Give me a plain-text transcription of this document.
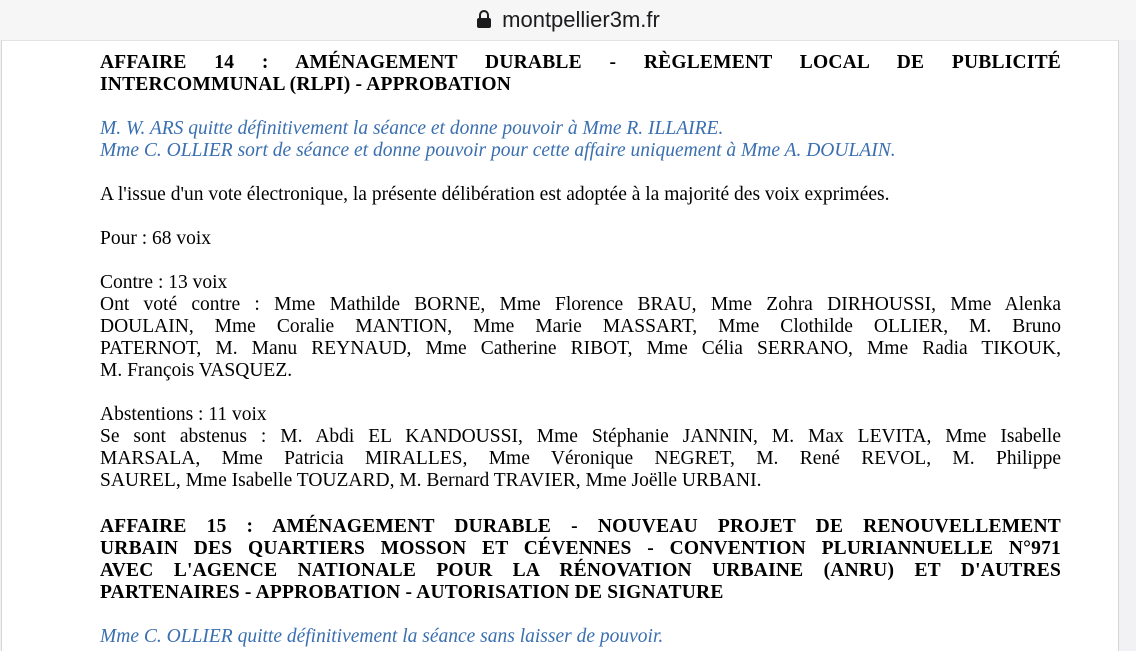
montpellier3m.fr
AFFAIRE 14 : AMÉNAGEMENT DURABLE - RÈGLEMENT LOCAL DE PUBLICITÉ
INTERCOMMUNAL (RLPI) - APPROBATION
M. W. ARS quitte définitivement la séance et donne pouvoir à Mme R. ILLAIRE.
Mme C. OLLIER sort de séance et donne pouvoir pour cette affaire uniquement à Mme A. DOULAIN.
A l'issue d'un vote électronique, la présente délibération est adoptée à la majorité des voix exprimées.
Pour : 68 voix
Contre : 13 voix
Ont voté contre : Mme Mathilde BORNE, Mme Florence BRAU, Mme Zohra DIRHOUSSI, Mme Alenka
DOULAIN, Mme Coralie MANTION, Mme Marie MASSART, Mme Clothilde OLLIER, M. Bruno
PATERNOT, M. Manu REYNAUD, Mme Catherine RIBOT, Mme Célia SERRANO, Mme Radia TIKOUK,
M. François VASQUEZ.
Abstentions : 11 voix
Se sont abstenus : M. Abdi EL KANDOUSSI, Mme Stéphanie JANNIN, M. Max LEVITA, Mme Isabelle
MARSALA, Mme Patricia MIRALLES, Mme Véronique NEGRET, M. René REVOL, M. Philippe
SAUREL, Mme Isabelle TOUZARD, M. Bernard TRAVIER, Mme Joëlle URBANI.
AFFAIRE 15 : AMÉNAGEMENT DURABLE - NOUVEAU PROJET DE RENOUVELLEMENT
URBAIN DES QUARTIERS MOSSON ET CÉVENNES - CONVENTION PLURIANNUELLE N°971
AVEC L'AGENCE NATIONALE POUR LA RÉNOVATION URBAINE (ANRU) ET D'AUTRES
PARTENAIRES - APPROBATION - AUTORISATION DE SIGNATURE
Mme C. OLLIER quitte définitivement la séance sans laisser de pouvoir.
